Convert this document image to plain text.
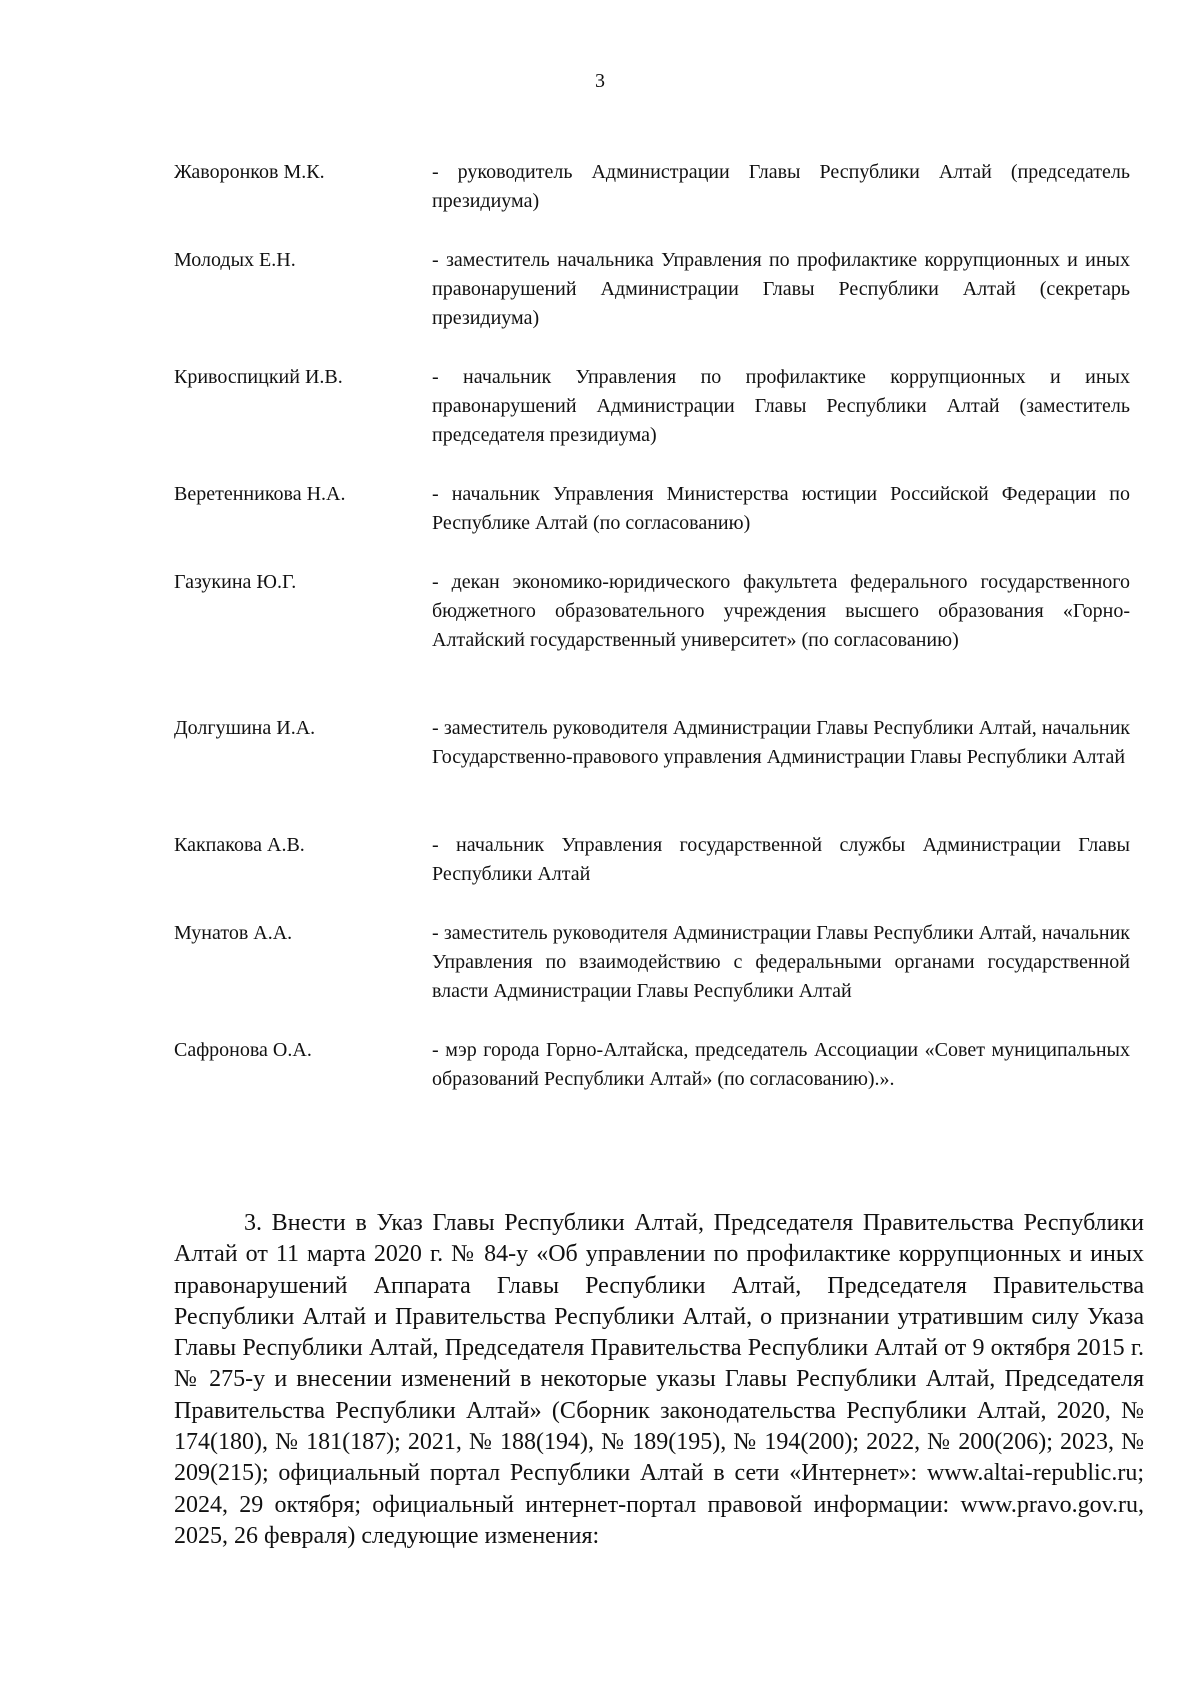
3
Жаворонков М.К.	- руководитель Администрации Главы Республики Алтай (председатель президиума)
Молодых Е.Н.	- заместитель начальника Управления по профилактике коррупционных и иных правонарушений Администрации Главы Республики Алтай (секретарь президиума)
Кривоспицкий И.В.	- начальник Управления по профилактике коррупционных и иных правонарушений Администрации Главы Республики Алтай (заместитель председателя президиума)
Веретенникова Н.А.	- начальник Управления Министерства юстиции Российской Федерации по Республике Алтай (по согласованию)
Газукина Ю.Г.	- декан экономико-юридического факультета федерального государственного бюджетного образовательного учреждения высшего образования «Горно-Алтайский государственный университет» (по согласованию)
Долгушина И.А.	- заместитель руководителя Администрации Главы Республики Алтай, начальник Государственно-правового управления Администрации Главы Республики Алтай
Какпакова А.В.	- начальник Управления государственной службы Администрации Главы Республики Алтай
Мунатов А.А.	- заместитель руководителя Администрации Главы Республики Алтай, начальник Управления по взаимодействию с федеральными органами государственной власти Администрации Главы Республики Алтай
Сафронова О.А.	- мэр города Горно-Алтайска, председатель Ассоциации «Совет муниципальных образований Республики Алтай» (по согласованию).».

3. Внести в Указ Главы Республики Алтай, Председателя Правительства Республики Алтай от 11 марта 2020 г. № 84-у «Об управлении по профилактике коррупционных и иных правонарушений Аппарата Главы Республики Алтай, Председателя Правительства Республики Алтай и Правительства Республики Алтай, о признании утратившим силу Указа Главы Республики Алтай, Председателя Правительства Республики Алтай от 9 октября 2015 г. № 275-у и внесении изменений в некоторые указы Главы Республики Алтай, Председателя Правительства Республики Алтай» (Сборник законодательства Республики Алтай, 2020, № 174(180), № 181(187); 2021, № 188(194), № 189(195), № 194(200); 2022, № 200(206); 2023, № 209(215); официальный портал Республики Алтай в сети «Интернет»: www.altai-republic.ru; 2024, 29 октября; официальный интернет-портал правовой информации: www.pravo.gov.ru, 2025, 26 февраля) следующие изменения:
